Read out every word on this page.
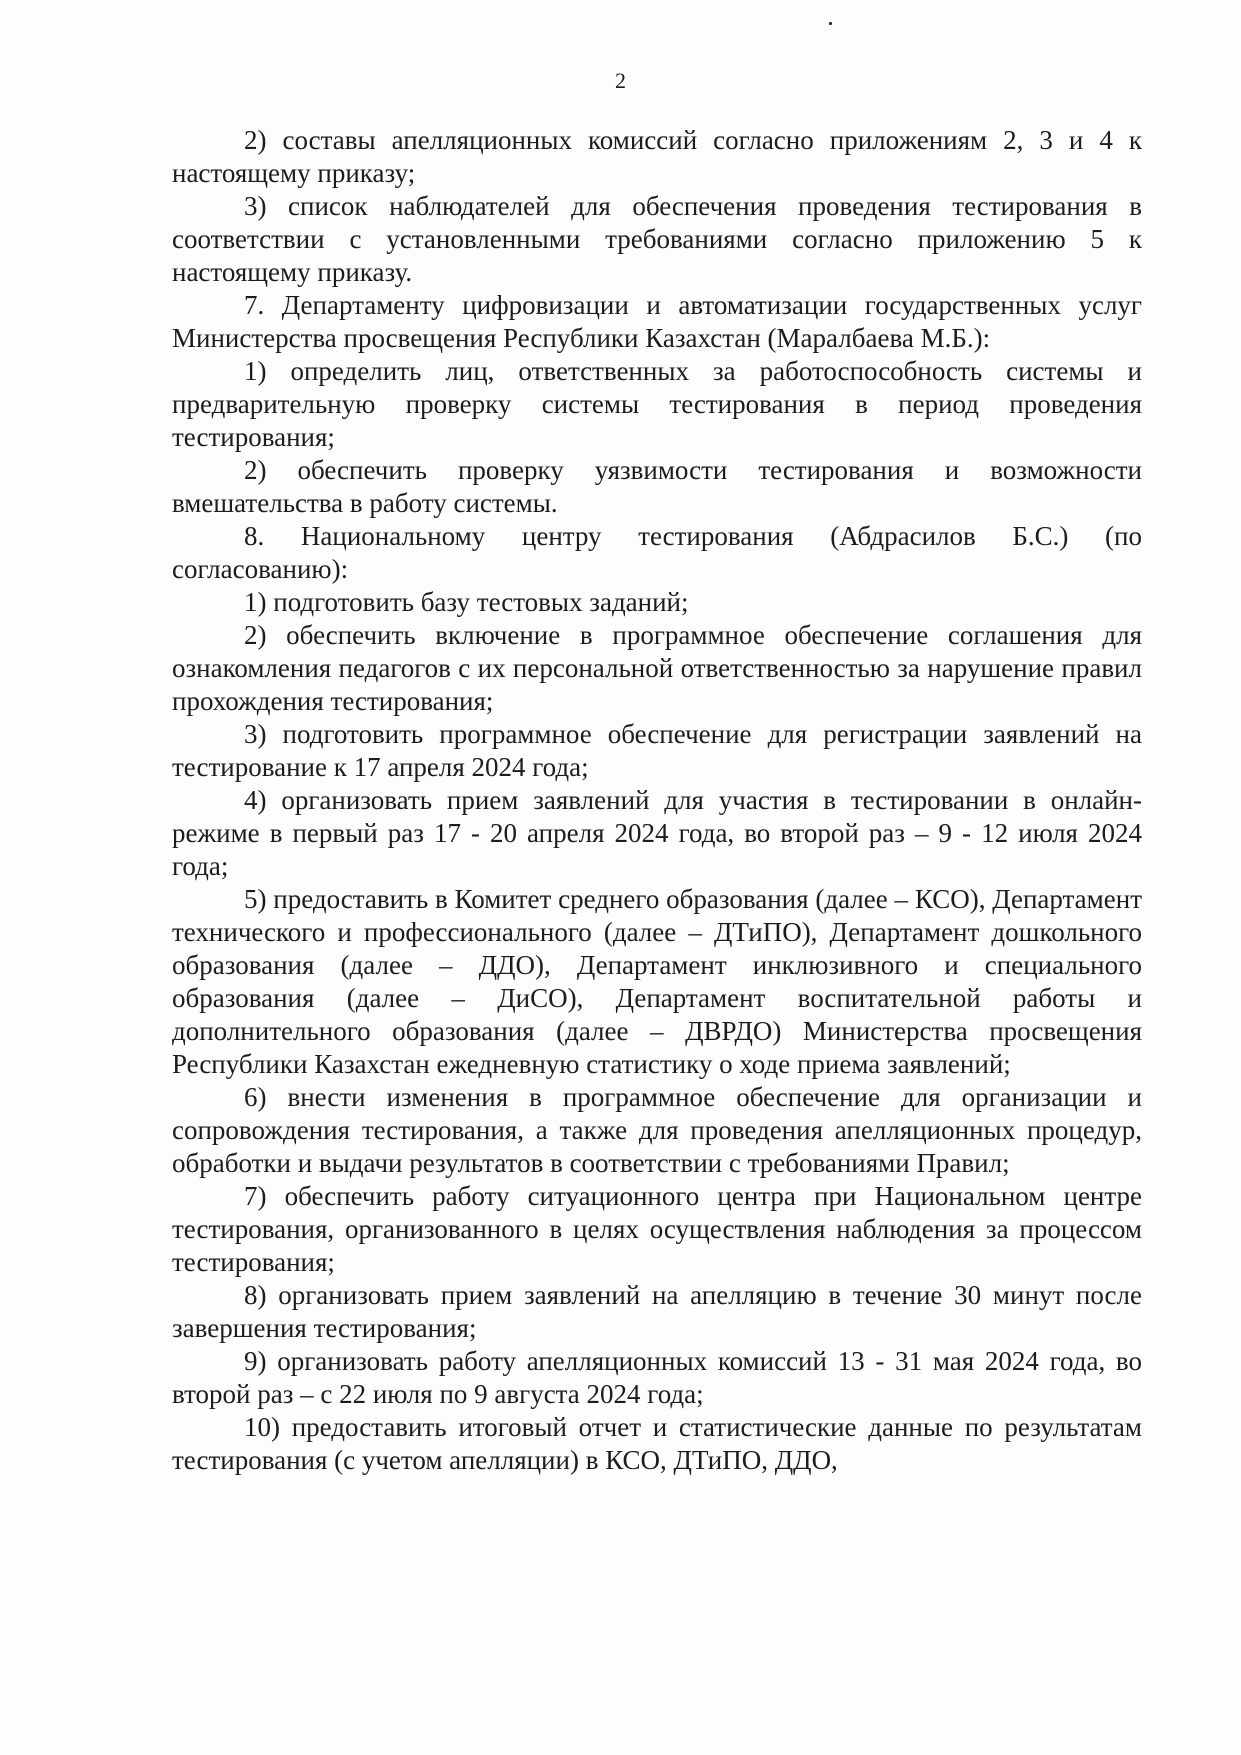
2

2) составы апелляционных комиссий согласно приложениям 2, 3 и 4 к настоящему приказу;

3) список наблюдателей для обеспечения проведения тестирования в соответствии с установленными требованиями согласно приложению 5 к настоящему приказу.

7. Департаменту цифровизации и автоматизации государственных услуг Министерства просвещения Республики Казахстан (Маралбаева М.Б.):

1) определить лиц, ответственных за работоспособность системы и предварительную проверку системы тестирования в период проведения тестирования;

2) обеспечить проверку уязвимости тестирования и возможности вмешательства в работу системы.

8. Национальному центру тестирования (Абдрасилов Б.С.) (по согласованию):

1) подготовить базу тестовых заданий;

2) обеспечить включение в программное обеспечение соглашения для ознакомления педагогов с их персональной ответственностью за нарушение правил прохождения тестирования;

3) подготовить программное обеспечение для регистрации заявлений на тестирование к 17 апреля 2024 года;

4) организовать прием заявлений для участия в тестировании в онлайн-режиме в первый раз 17 - 20 апреля 2024 года, во второй раз – 9 - 12 июля 2024 года;

5) предоставить в Комитет среднего образования (далее – КСО), Департамент технического и профессионального (далее – ДТиПО), Департамент дошкольного образования (далее – ДДО), Департамент инклюзивного и специального образования (далее – ДиСО), Департамент воспитательной работы и дополнительного образования (далее – ДВРДО) Министерства просвещения Республики Казахстан ежедневную статистику о ходе приема заявлений;

6) внести изменения в программное обеспечение для организации и сопровождения тестирования, а также для проведения апелляционных процедур, обработки и выдачи результатов в соответствии с требованиями Правил;

7) обеспечить работу ситуационного центра при Национальном центре тестирования, организованного в целях осуществления наблюдения за процессом тестирования;

8) организовать прием заявлений на апелляцию в течение 30 минут после завершения тестирования;

9) организовать работу апелляционных комиссий 13 - 31 мая 2024 года, во второй раз – с 22 июля по 9 августа 2024 года;

10) предоставить итоговый отчет и статистические данные по результатам тестирования (с учетом апелляции) в КСО, ДТиПО, ДДО,
